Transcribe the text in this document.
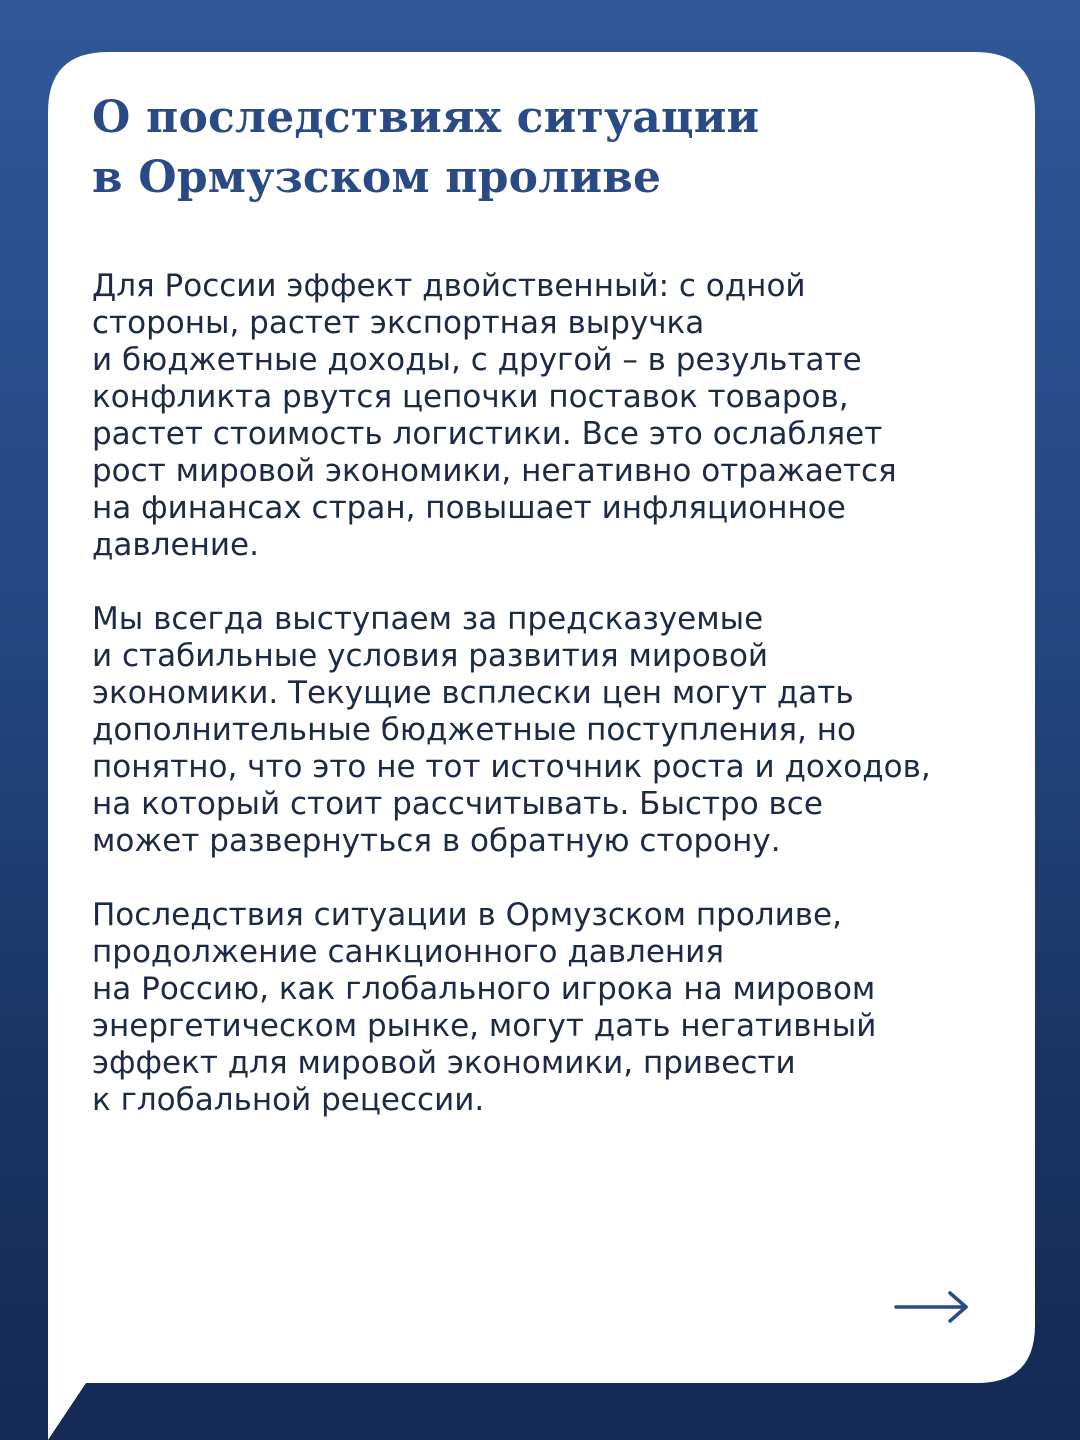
О последствиях ситуации
в Ормузском проливе

Для России эффект двойственный: с одной
стороны, растет экспортная выручка
и бюджетные доходы, с другой – в результате
конфликта рвутся цепочки поставок товаров,
растет стоимость логистики. Все это ослабляет
рост мировой экономики, негативно отражается
на финансах стран, повышает инфляционное
давление.

Мы всегда выступаем за предсказуемые
и стабильные условия развития мировой
экономики. Текущие всплески цен могут дать
дополнительные бюджетные поступления, но
понятно, что это не тот источник роста и доходов,
на который стоит рассчитывать. Быстро все
может развернуться в обратную сторону.

Последствия ситуации в Ормузском проливе,
продолжение санкционного давления
на Россию, как глобального игрока на мировом
энергетическом рынке, могут дать негативный
эффект для мировой экономики, привести
к глобальной рецессии.
